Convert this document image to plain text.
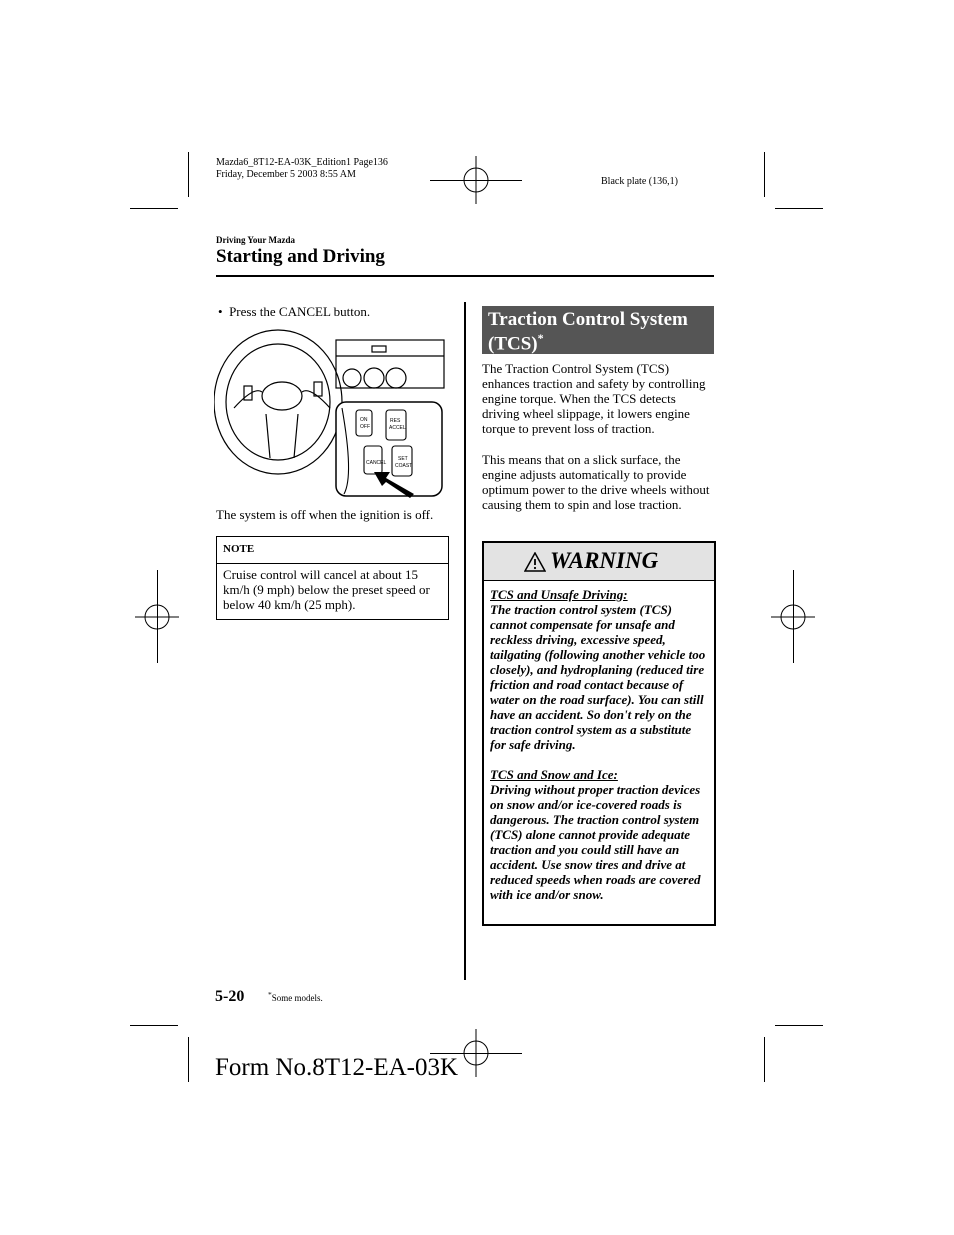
Mazda6_8T12-EA-03K_Edition1 Page136
Friday, December 5 2003 8:55 AM
Black plate (136,1)
Driving Your Mazda
Starting and Driving
•  Press the CANCEL button.
ON
OFF
RES
ACCEL
CANCEL
SET
COAST
The system is off when the ignition is off.
NOTE
Cruise control will cancel at about 15 km/h (9 mph) below the preset speed or below 40 km/h (25 mph).
Traction Control System
(TCS)*
The Traction Control System (TCS) enhances traction and safety by controlling engine torque. When the TCS detects driving wheel slippage, it lowers engine torque to prevent loss of traction.
This means that on a slick surface, the engine adjusts automatically to provide optimum power to the drive wheels without causing them to spin and lose traction.
WARNING
TCS and Unsafe Driving:
The traction control system (TCS) cannot compensate for unsafe and reckless driving, excessive speed, tailgating (following another vehicle too closely), and hydroplaning (reduced tire friction and road contact because of water on the road surface). You can still have an accident. So don't rely on the traction control system as a substitute for safe driving.
TCS and Snow and Ice:
Driving without proper traction devices on snow and/or ice-covered roads is dangerous. The traction control system (TCS) alone cannot provide adequate traction and you could still have an accident. Use snow tires and drive at reduced speeds when roads are covered with ice and/or snow.
5-20	*Some models.
Form No.8T12-EA-03K
